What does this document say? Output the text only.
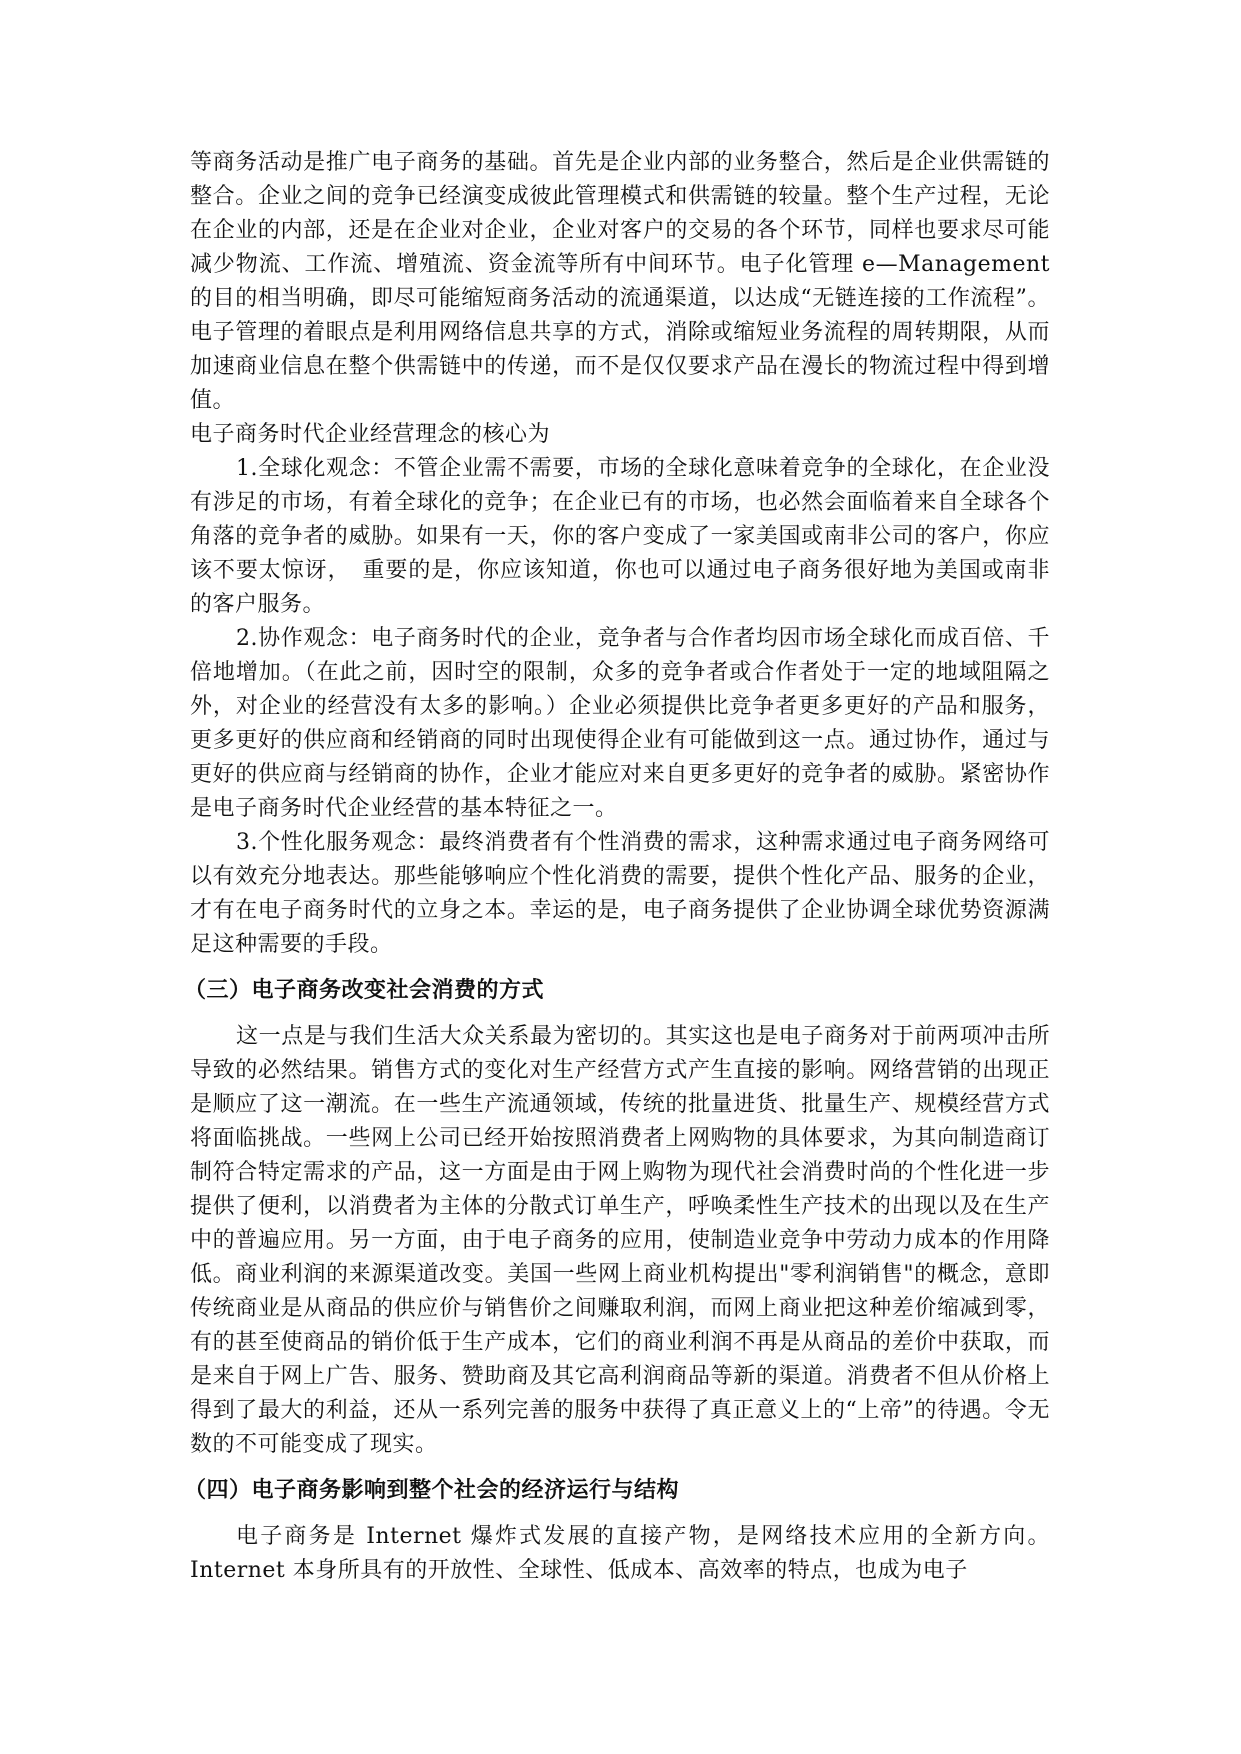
等商务活动是推广电子商务的基础。首先是企业内部的业务整合，然后是企业供需链的整合。企业之间的竞争已经演变成彼此管理模式和供需链的较量。整个生产过程，无论在企业的内部，还是在企业对企业，企业对客户的交易的各个环节，同样也要求尽可能减少物流、工作流、增殖流、资金流等所有中间环节。电子化管理 e—Management 的目的相当明确，即尽可能缩短商务活动的流通渠道，以达成“无链连接的工作流程”。电子管理的着眼点是利用网络信息共享的方式，消除或缩短业务流程的周转期限，从而加速商业信息在整个供需链中的传递，而不是仅仅要求产品在漫长的物流过程中得到增值。

电子商务时代企业经营理念的核心为

1.全球化观念：不管企业需不需要，市场的全球化意味着竞争的全球化，在企业没有涉足的市场，有着全球化的竞争；在企业已有的市场，也必然会面临着来自全球各个角落的竞争者的威胁。如果有一天，你的客户变成了一家美国或南非公司的客户，你应该不要太惊讶，　重要的是，你应该知道，你也可以通过电子商务很好地为美国或南非的客户服务。

2.协作观念：电子商务时代的企业，竞争者与合作者均因市场全球化而成百倍、千倍地增加。（在此之前，因时空的限制，众多的竞争者或合作者处于一定的地域阻隔之外，对企业的经营没有太多的影响。）企业必须提供比竞争者更多更好的产品和服务，更多更好的供应商和经销商的同时出现使得企业有可能做到这一点。通过协作，通过与更好的供应商与经销商的协作，企业才能应对来自更多更好的竞争者的威胁。紧密协作是电子商务时代企业经营的基本特征之一。

3.个性化服务观念：最终消费者有个性消费的需求，这种需求通过电子商务网络可以有效充分地表达。那些能够响应个性化消费的需要，提供个性化产品、服务的企业，才有在电子商务时代的立身之本。幸运的是，电子商务提供了企业协调全球优势资源满足这种需要的手段。

（三）电子商务改变社会消费的方式

这一点是与我们生活大众关系最为密切的。其实这也是电子商务对于前两项冲击所导致的必然结果。销售方式的变化对生产经营方式产生直接的影响。网络营销的出现正是顺应了这一潮流。在一些生产流通领域，传统的批量进货、批量生产、规模经营方式将面临挑战。一些网上公司已经开始按照消费者上网购物的具体要求，为其向制造商订制符合特定需求的产品，这一方面是由于网上购物为现代社会消费时尚的个性化进一步提供了便利，以消费者为主体的分散式订单生产，呼唤柔性生产技术的出现以及在生产中的普遍应用。另一方面，由于电子商务的应用，使制造业竞争中劳动力成本的作用降低。商业利润的来源渠道改变。美国一些网上商业机构提出"零利润销售"的概念，意即传统商业是从商品的供应价与销售价之间赚取利润，而网上商业把这种差价缩减到零，有的甚至使商品的销价低于生产成本，它们的商业利润不再是从商品的差价中获取，而是来自于网上广告、服务、赞助商及其它高利润商品等新的渠道。消费者不但从价格上得到了最大的利益，还从一系列完善的服务中获得了真正意义上的“上帝”的待遇。令无数的不可能变成了现实。

（四）电子商务影响到整个社会的经济运行与结构

电子商务是 Internet 爆炸式发展的直接产物，是网络技术应用的全新方向。Internet 本身所具有的开放性、全球性、低成本、高效率的特点，也成为电子
